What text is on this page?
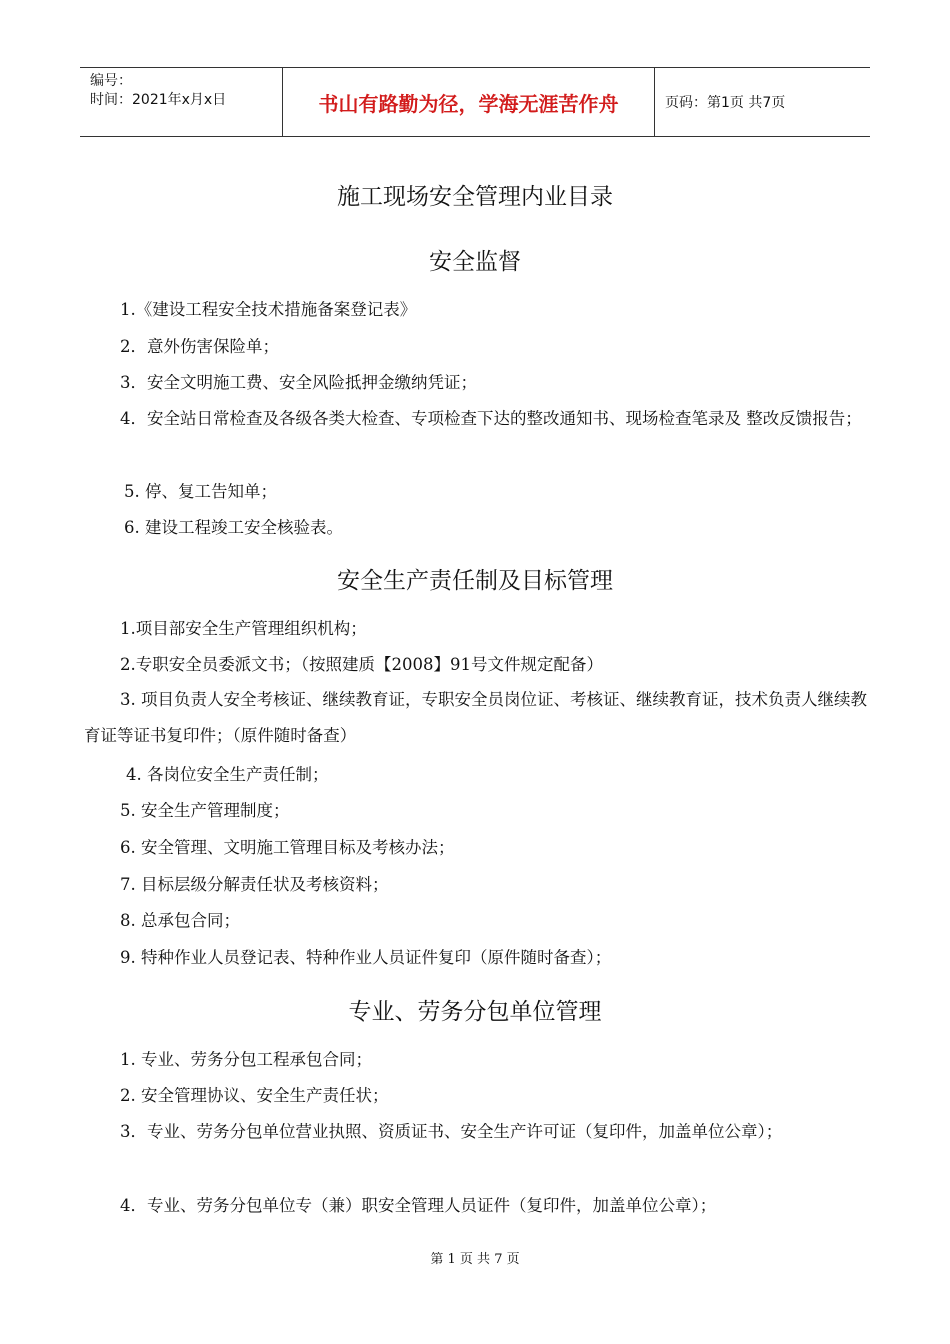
编号：
时间：2021年x月x日	书山有路勤为径，学海无涯苦作舟	页码：第1页 共7页
施工现场安全管理内业目录
安全监督
1.《建设工程安全技术措施备案登记表》
2．意外伤害保险单；
3．安全文明施工费、安全风险抵押金缴纳凭证；
4．安全站日常检查及各级各类大检查、专项检查下达的整改通知书、现场检查笔录及 整改反馈报告；
5. 停、复工告知单；
6. 建设工程竣工安全核验表。
安全生产责任制及目标管理
1.项目部安全生产管理组织机构；
2.专职安全员委派文书；（按照建质【2008】91号文件规定配备）
3. 项目负责人安全考核证、继续教育证，专职安全员岗位证、考核证、继续教育证，技术负责人继续教育证等证书复印件；（原件随时备查）
4. 各岗位安全生产责任制；
5. 安全生产管理制度；
6. 安全管理、文明施工管理目标及考核办法；
7. 目标层级分解责任状及考核资料；
8. 总承包合同；
9. 特种作业人员登记表、特种作业人员证件复印（原件随时备查）；
专业、劳务分包单位管理
1. 专业、劳务分包工程承包合同；
2. 安全管理协议、安全生产责任状；
3．专业、劳务分包单位营业执照、资质证书、安全生产许可证（复印件，加盖单位公章）；
4．专业、劳务分包单位专（兼）职安全管理人员证件（复印件，加盖单位公章）；
第 1 页 共 7 页
